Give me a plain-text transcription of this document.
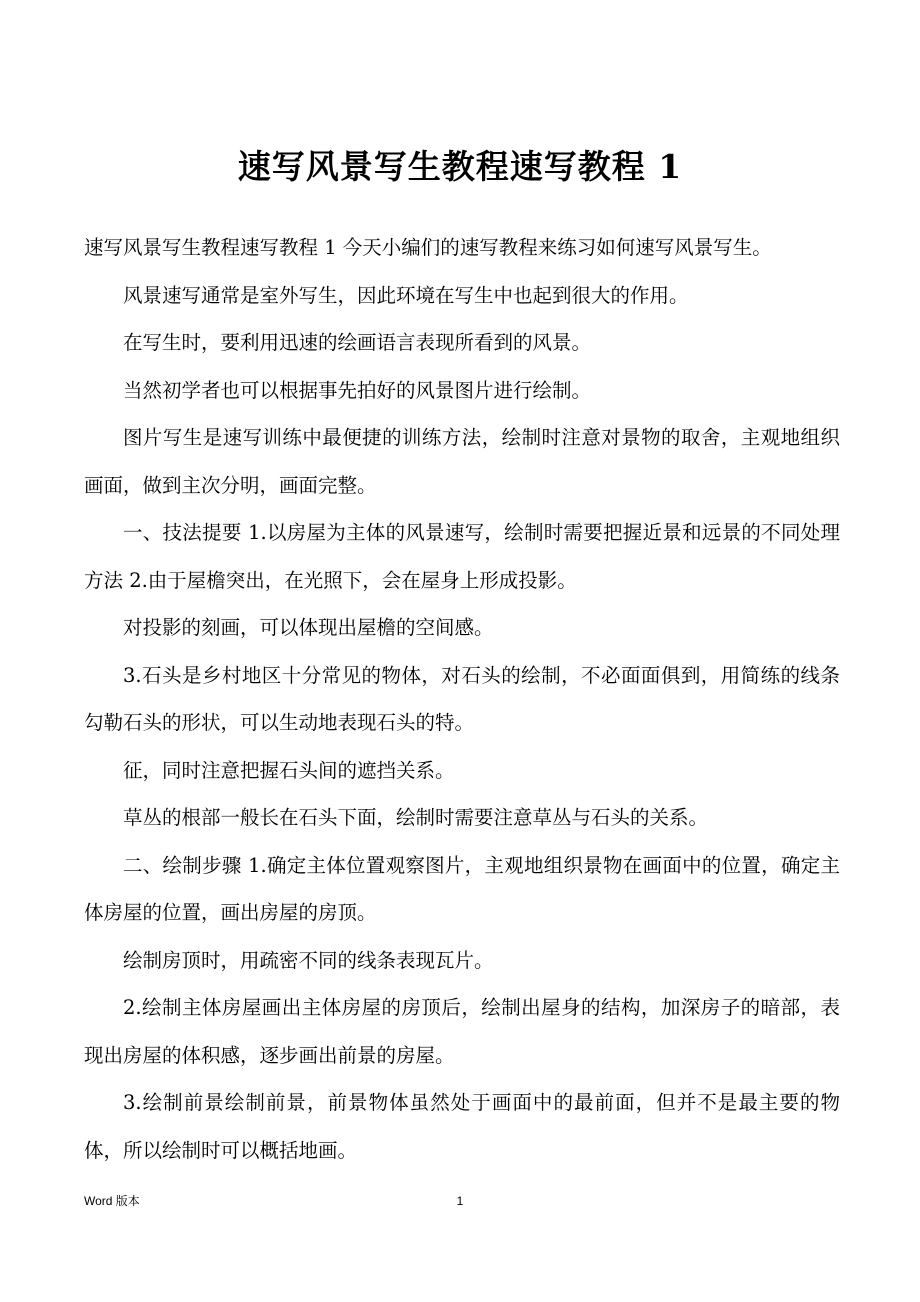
速写风景写生教程速写教程 1

速写风景写生教程速写教程 1 今天小编们的速写教程来练习如何速写风景写生。

风景速写通常是室外写生，因此环境在写生中也起到很大的作用。

在写生时，要利用迅速的绘画语言表现所看到的风景。

当然初学者也可以根据事先拍好的风景图片进行绘制。

图片写生是速写训练中最便捷的训练方法，绘制时注意对景物的取舍，主观地组织画面，做到主次分明，画面完整。

一、技法提要 1.以房屋为主体的风景速写，绘制时需要把握近景和远景的不同处理方法 2.由于屋檐突出，在光照下，会在屋身上形成投影。

对投影的刻画，可以体现出屋檐的空间感。

3.石头是乡村地区十分常见的物体，对石头的绘制，不必面面俱到，用简练的线条勾勒石头的形状，可以生动地表现石头的特。

征，同时注意把握石头间的遮挡关系。

草丛的根部一般长在石头下面，绘制时需要注意草丛与石头的关系。

二、绘制步骤 1.确定主体位置观察图片，主观地组织景物在画面中的位置，确定主体房屋的位置，画出房屋的房顶。

绘制房顶时，用疏密不同的线条表现瓦片。

2.绘制主体房屋画出主体房屋的房顶后，绘制出屋身的结构，加深房子的暗部，表现出房屋的体积感，逐步画出前景的房屋。

3.绘制前景绘制前景，前景物体虽然处于画面中的最前面，但并不是最主要的物体，所以绘制时可以概括地画。

Word 版本	1
